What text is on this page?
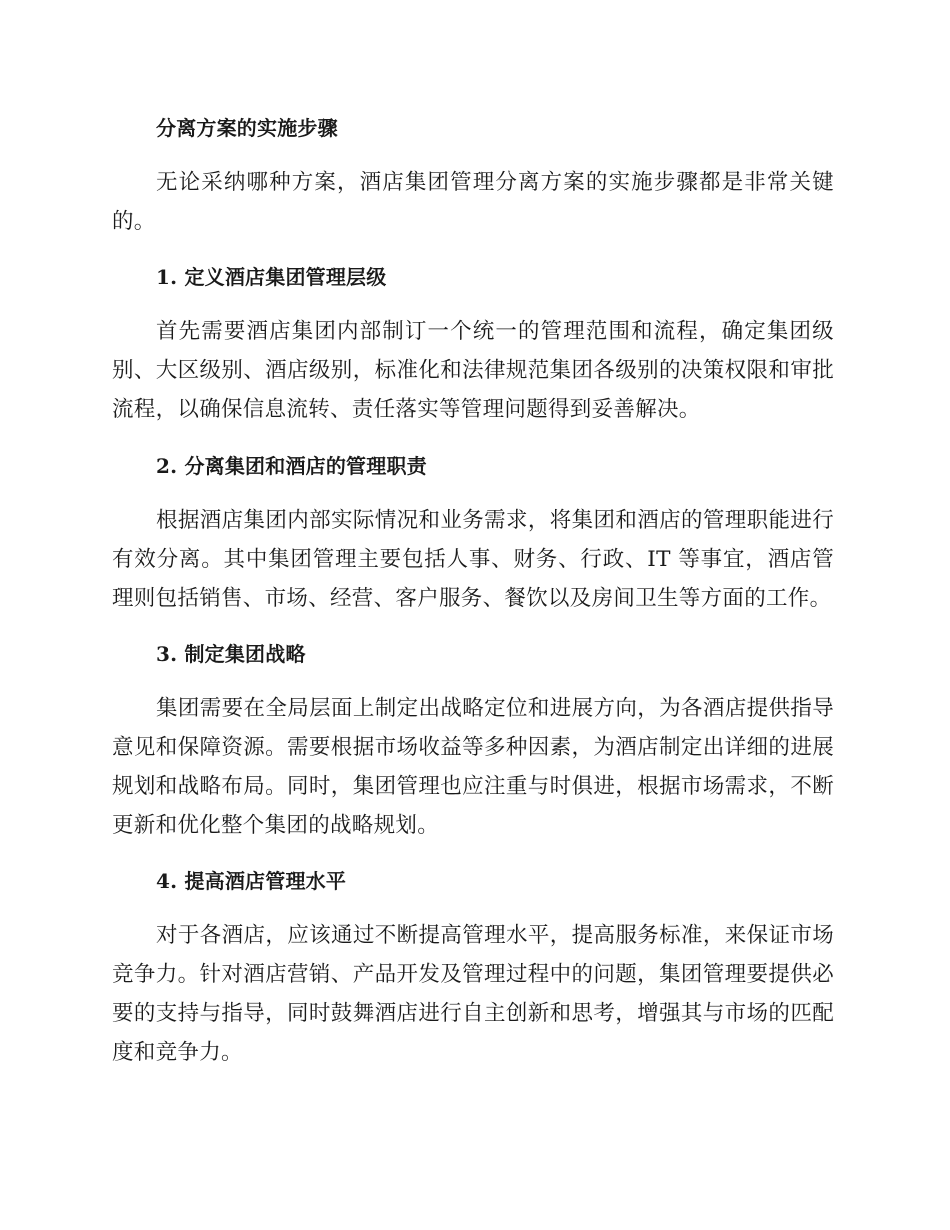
分离方案的实施步骤

无论采纳哪种方案，酒店集团管理分离方案的实施步骤都是非常关键的。

1. 定义酒店集团管理层级

首先需要酒店集团内部制订一个统一的管理范围和流程，确定集团级别、大区级别、酒店级别，标准化和法律规范集团各级别的决策权限和审批流程，以确保信息流转、责任落实等管理问题得到妥善解决。

2. 分离集团和酒店的管理职责

根据酒店集团内部实际情况和业务需求，将集团和酒店的管理职能进行有效分离。其中集团管理主要包括人事、财务、行政、IT 等事宜，酒店管理则包括销售、市场、经营、客户服务、餐饮以及房间卫生等方面的工作。

3. 制定集团战略

集团需要在全局层面上制定出战略定位和进展方向，为各酒店提供指导意见和保障资源。需要根据市场收益等多种因素，为酒店制定出详细的进展规划和战略布局。同时，集团管理也应注重与时俱进，根据市场需求，不断更新和优化整个集团的战略规划。

4. 提高酒店管理水平

对于各酒店，应该通过不断提高管理水平，提高服务标准，来保证市场竞争力。针对酒店营销、产品开发及管理过程中的问题，集团管理要提供必要的支持与指导，同时鼓舞酒店进行自主创新和思考，增强其与市场的匹配度和竞争力。
